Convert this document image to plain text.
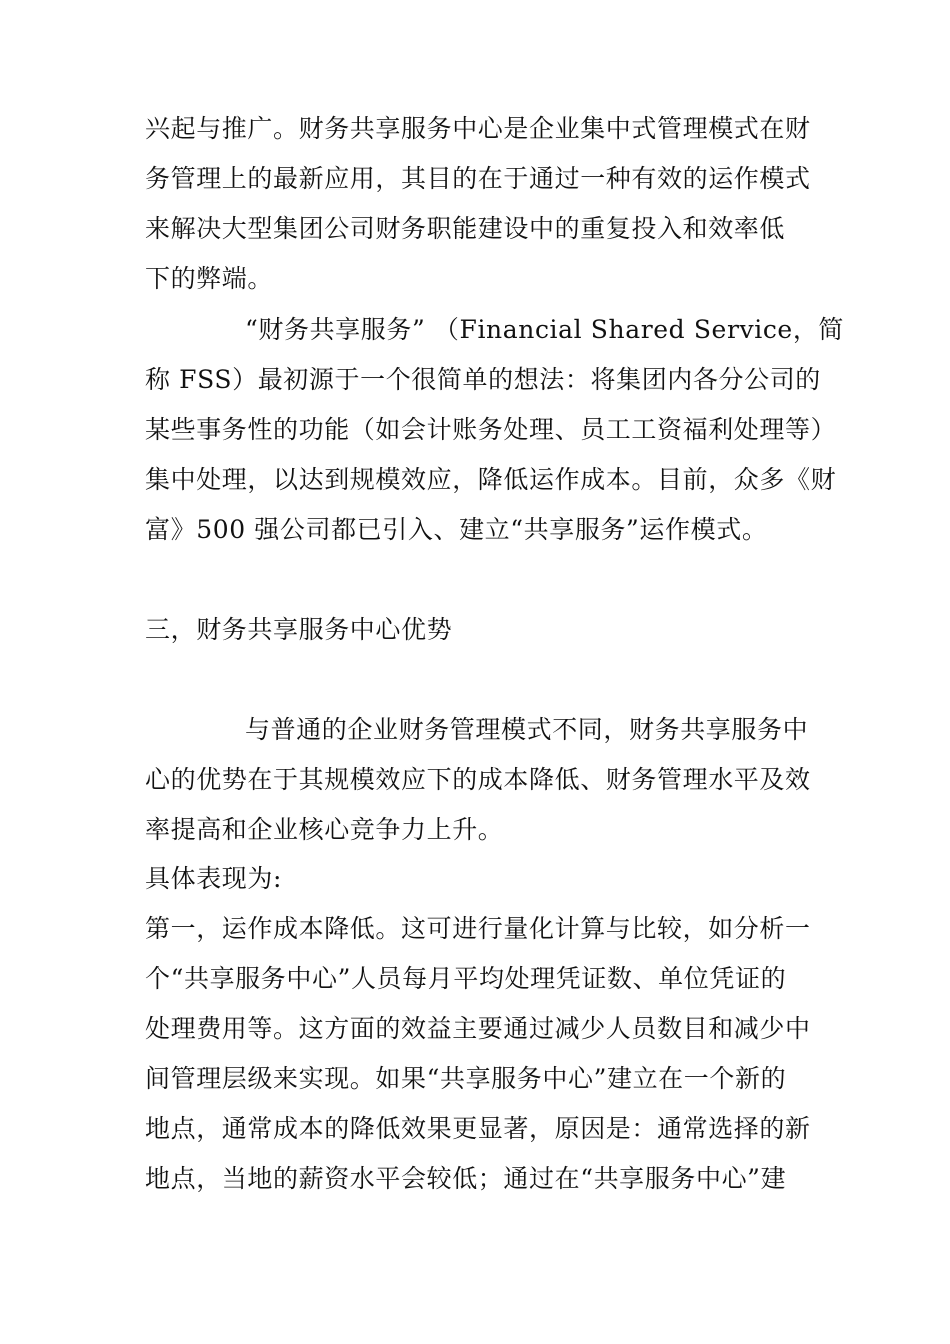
兴起与推广。财务共享服务中心是企业集中式管理模式在财
务管理上的最新应用，其目的在于通过一种有效的运作模式
来解决大型集团公司财务职能建设中的重复投入和效率低
下的弊端。
“财务共享服务” （Financial Shared Service，简
称 FSS）最初源于一个很简单的想法：将集团内各分公司的
某些事务性的功能（如会计账务处理、员工工资福利处理等）
集中处理，以达到规模效应，降低运作成本。目前，众多《财
富》500 强公司都已引入、建立“共享服务”运作模式。
三，财务共享服务中心优势
与普通的企业财务管理模式不同，财务共享服务中
心的优势在于其规模效应下的成本降低、财务管理水平及效
率提高和企业核心竞争力上升。
具体表现为:
第一，运作成本降低。这可进行量化计算与比较，如分析一
个“共享服务中心”人员每月平均处理凭证数、单位凭证的
处理费用等。这方面的效益主要通过减少人员数目和减少中
间管理层级来实现。如果“共享服务中心”建立在一个新的
地点，通常成本的降低效果更显著，原因是：通常选择的新
地点，当地的薪资水平会较低；通过在“共享服务中心”建
